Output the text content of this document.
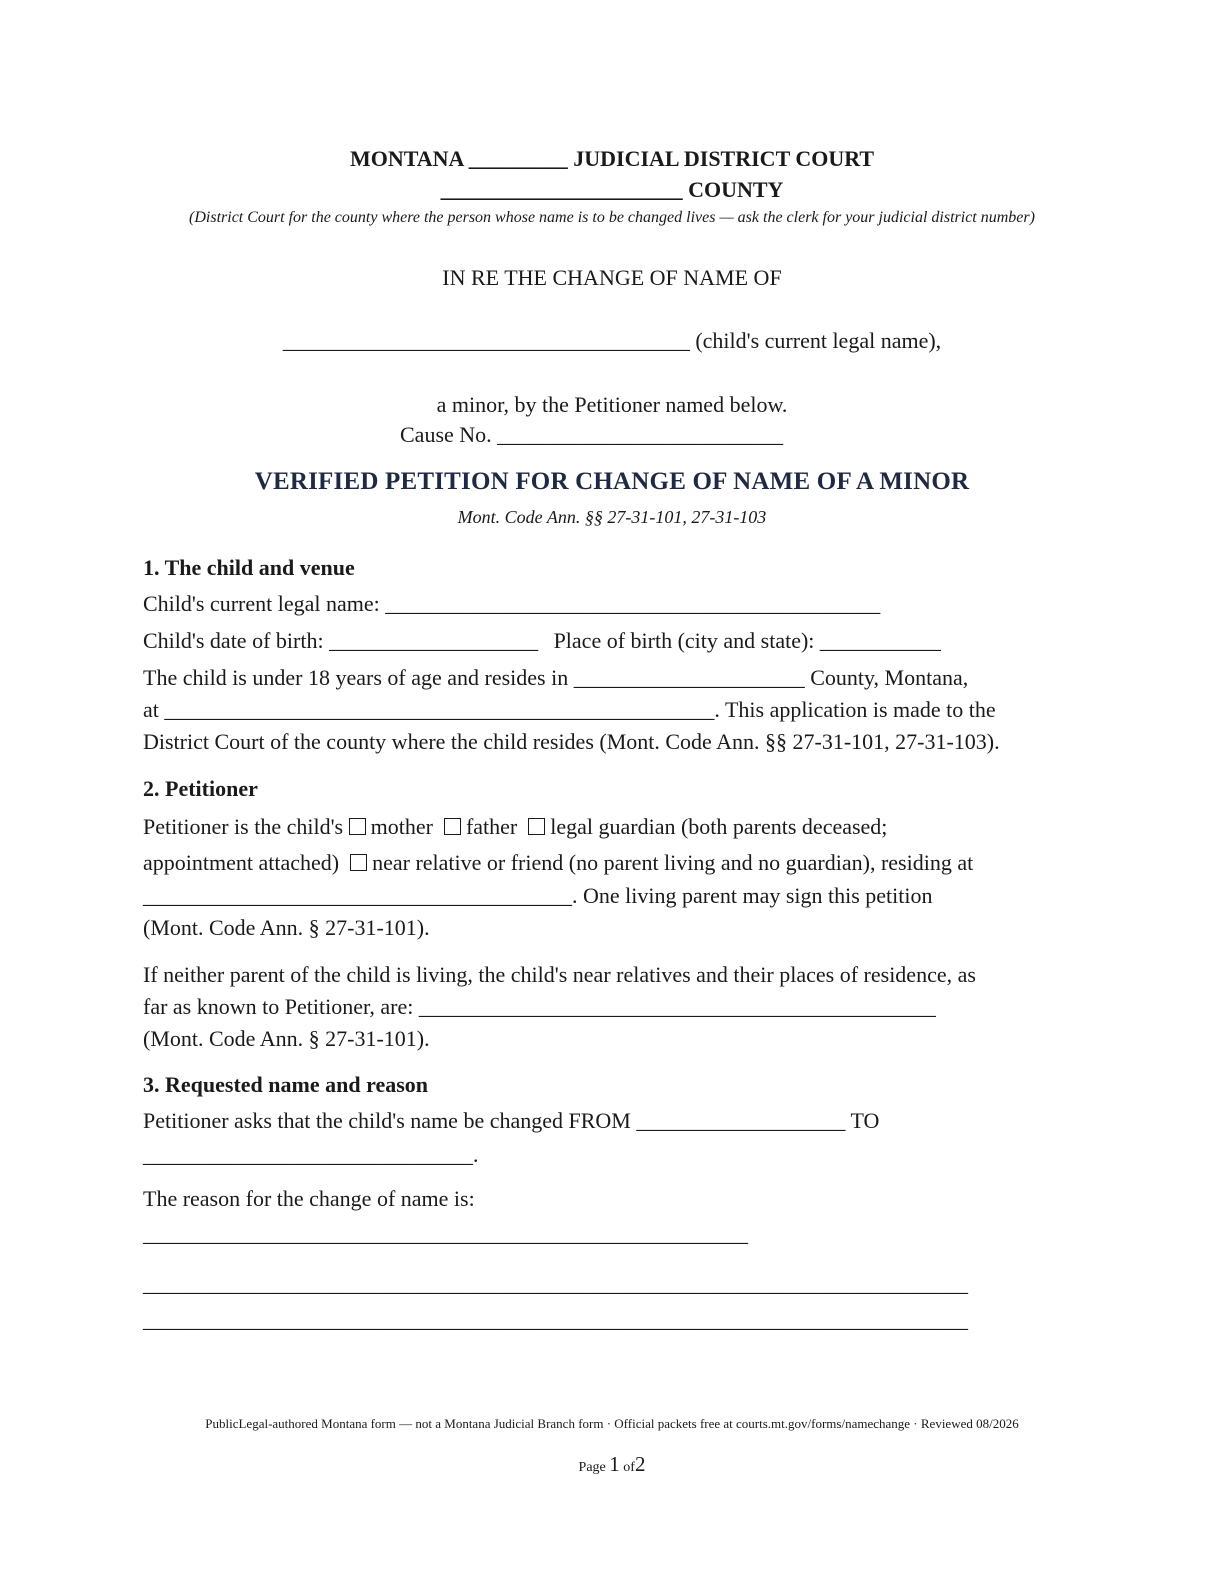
MONTANA _________ JUDICIAL DISTRICT COURT
______________________ COUNTY
(District Court for the county where the person whose name is to be changed lives — ask the clerk for your judicial district number)
IN RE THE CHANGE OF NAME OF
_____________________________________ (child's current legal name),
a minor, by the Petitioner named below.
Cause No. __________________________
VERIFIED PETITION FOR CHANGE OF NAME OF A MINOR
Mont. Code Ann. §§ 27-31-101, 27-31-103
1. The child and venue
Child's current legal name: _____________________________________________
Child's date of birth: ___________________ Place of birth (city and state): ___________
The child is under 18 years of age and resides in _____________________ County, Montana,
at __________________________________________________. This application is made to the
District Court of the county where the child resides (Mont. Code Ann. §§ 27-31-101, 27-31-103).
2. Petitioner
Petitioner is the child's mother father legal guardian (both parents deceased;
appointment attached) near relative or friend (no parent living and no guardian), residing at
_______________________________________. One living parent may sign this petition
(Mont. Code Ann. § 27-31-101).
If neither parent of the child is living, the child's near relatives and their places of residence, as
far as known to Petitioner, are: _______________________________________________
(Mont. Code Ann. § 27-31-101).
3. Requested name and reason
Petitioner asks that the child's name be changed FROM ___________________ TO
______________________________.
The reason for the change of name is:
_______________________________________________________
___________________________________________________________________________
___________________________________________________________________________
PublicLegal-authored Montana form — not a Montana Judicial Branch form · Official packets free at courts.mt.gov/forms/namechange · Reviewed 08/2026
Page 1 of2
